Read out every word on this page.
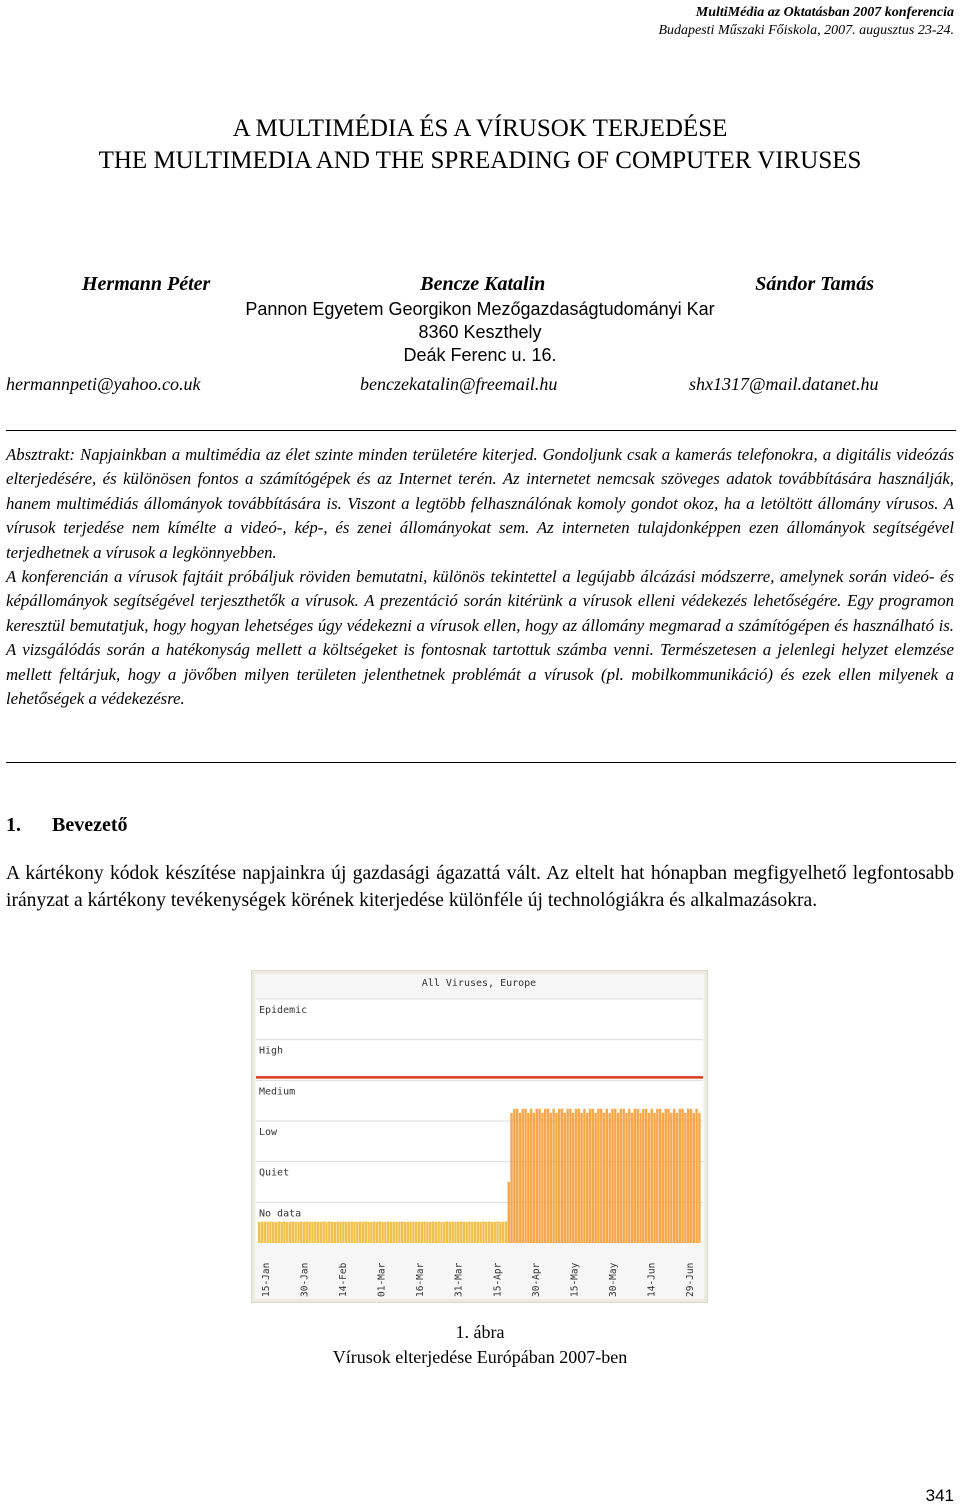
MultiMédia az Oktatásban 2007 konferencia
Budapesti Műszaki Főiskola, 2007. augusztus 23-24.
A MULTIMÉDIA ÉS A VÍRUSOK TERJEDÉSE
THE MULTIMEDIA AND THE SPREADING OF COMPUTER VIRUSES
Hermann Péter	Bencze Katalin	Sándor Tamás
Pannon Egyetem Georgikon Mezőgazdaságtudományi Kar
8360 Keszthely
Deák Ferenc u. 16.
hermannpeti@yahoo.co.uk	benczekatalin@freemail.hu	shx1317@mail.datanet.hu

Absztrakt: Napjainkban a multimédia az élet szinte minden területére kiterjed. Gondoljunk csak a kamerás telefonokra, a digitális videózás elterjedésére, és különösen fontos a számítógépek és az Internet terén. Az internetet nemcsak szöveges adatok továbbítására használják, hanem multimédiás állományok továbbítására is. Viszont a legtöbb felhasználónak komoly gondot okoz, ha a letöltött állomány vírusos. A vírusok terjedése nem kímélte a videó-, kép-, és zenei állományokat sem. Az interneten tulajdonképpen ezen állományok segítségével terjedhetnek a vírusok a legkönnyebben.

A konferencián a vírusok fajtáit próbáljuk röviden bemutatni, különös tekintettel a legújabb álcázási módszerre, amelynek során videó- és képállományok segítségével terjeszthetők a vírusok. A prezentáció során kitérünk a vírusok elleni védekezés lehetőségére. Egy programon keresztül bemutatjuk, hogy hogyan lehetséges úgy védekezni a vírusok ellen, hogy az állomány megmarad a számítógépen és használható is. A vizsgálódás során a hatékonyság mellett a költségeket is fontosnak tartottuk számba venni. Természetesen a jelenlegi helyzet elemzése mellett feltárjuk, hogy a jövőben milyen területen jelenthetnek problémát a vírusok (pl. mobilkommunikáció) és ezek ellen milyenek a lehetőségek a védekezésre.

1. Bevezető

A kártékony kódok készítése napjainkra új gazdasági ágazattá vált. Az eltelt hat hónapban megfigyelhető legfontosabb irányzat a kártékony tevékenységek körének kiterjedése különféle új technológiákra és alkalmazásokra.

All Viruses, Europe
No data
Quiet
Low
Medium
High
Epidemic
15-Jan	30-Jan	14-Feb	01-Mar	16-Mar	31-Mar	15-Apr	30-Apr	15-May	30-May	14-Jun	29-Jun
1. ábra
Vírusok elterjedése Európában 2007-ben
341
